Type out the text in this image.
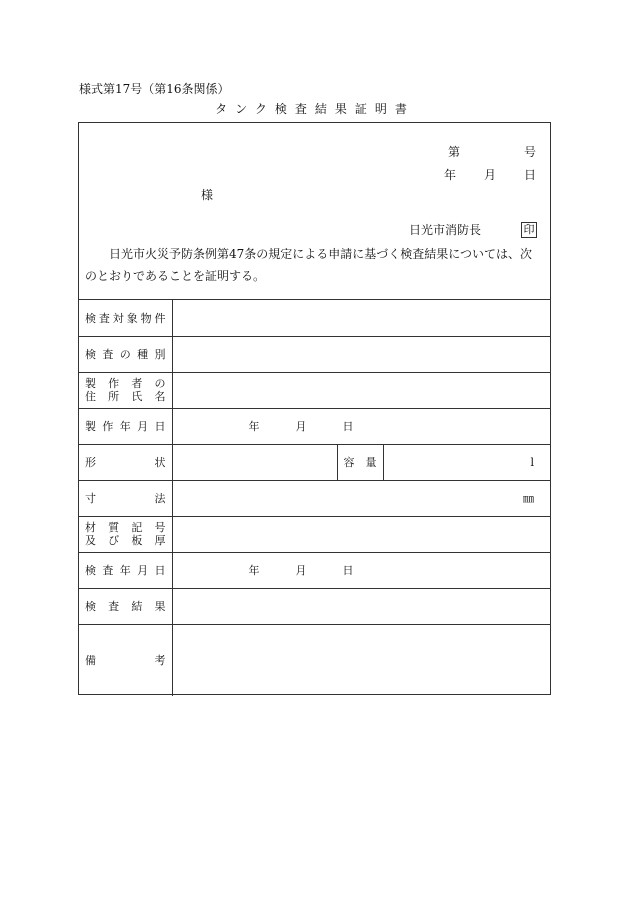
様式第17号（第16条関係）
タンク検査結果証明書
第	号
年 月 日
様
日光市消防長	印
日光市火災予防条例第47条の規定による申請に基づく検査結果については、次のとおりであることを証明する。
検査対象物件			

検査の種別			

製作者の
住所氏名			

製作年月日	年 月 日		

形状		容量	l

寸法	㎜		

材質記号
及び板厚			

検査年月日	年 月 日		

検査結果			

備考			
